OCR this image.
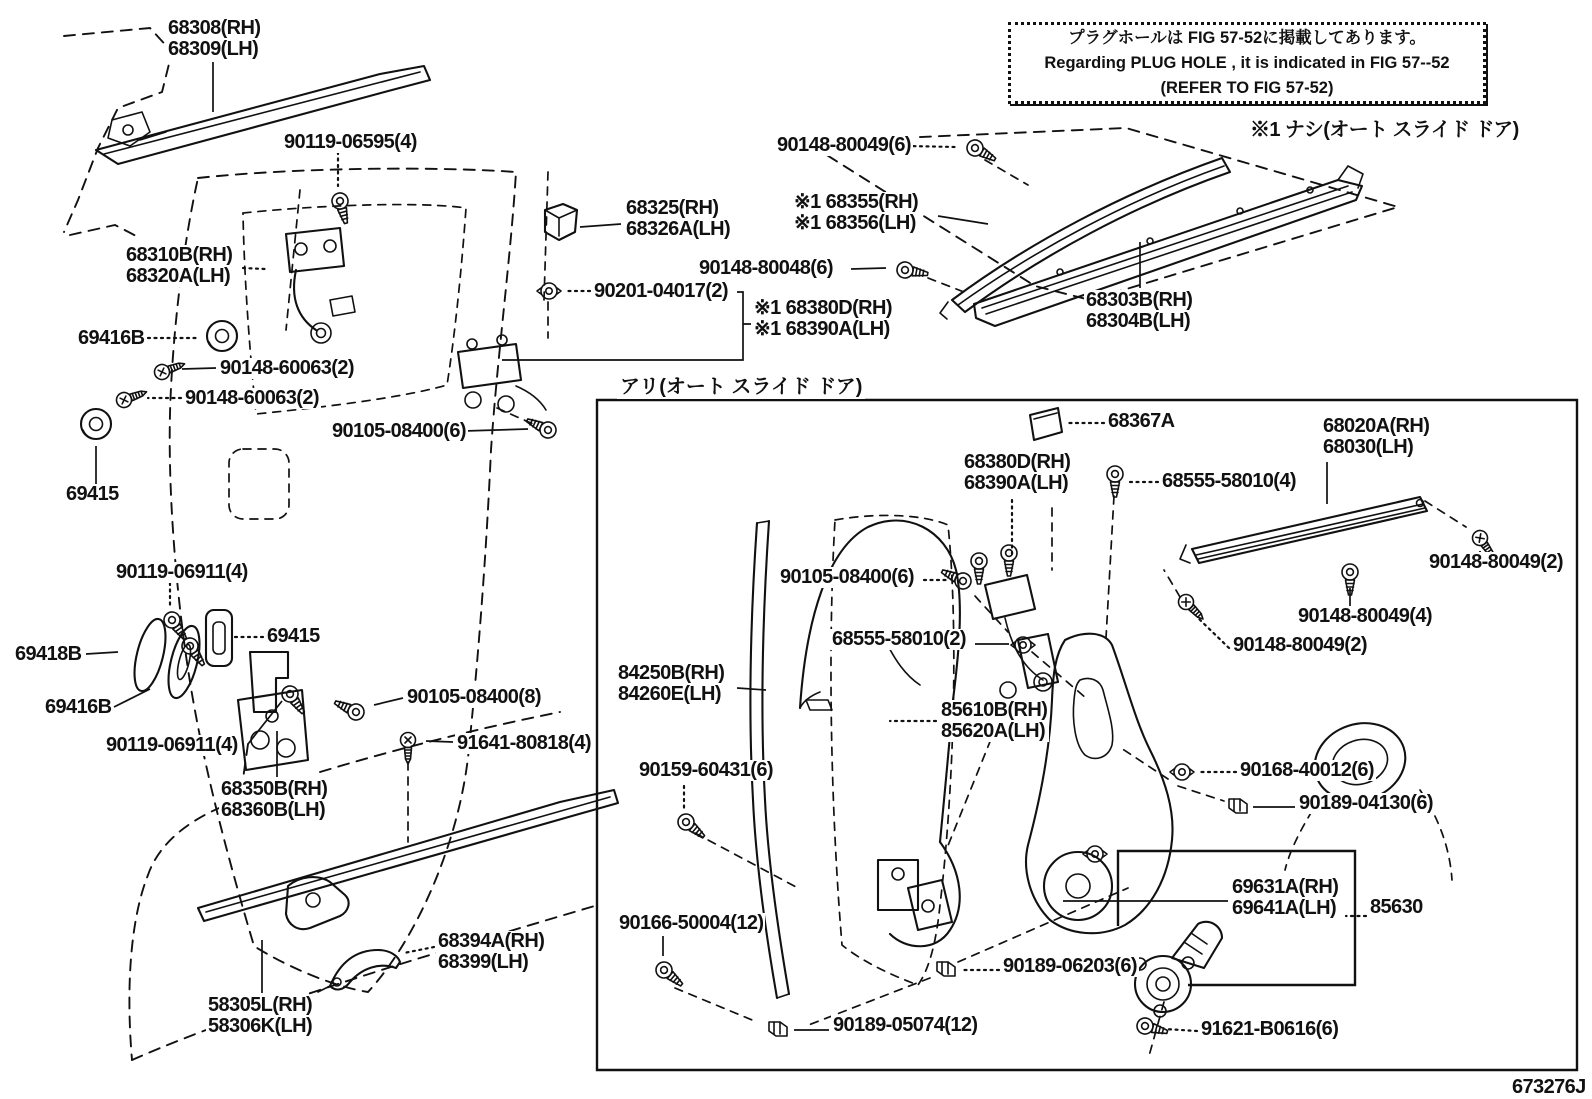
プラグホールは FIG 57-52に掲載してあります。
Regarding PLUG HOLE , it is indicated in FIG 57--52
(REFER TO FIG 57-52)
アリ(オート スライド ドア)
68308(RH)
68309(LH)
90119-06595(4)
68325(RH)
68326A(LH)
68310B(RH)
68320A(LH)
69416B
90148-60063(2)
90148-60063(2)
90105-08400(6)
69415
90119-06911(4)
69415
69418B
69416B	90105-08400(8)
90119-06911(4)	91641-80818(4)
68350B(RH)
68360B(LH)
68394A(RH)
68399(LH)
58305L(RH)
58306K(LH)
※1 ナシ(オート スライド ドア)
90148-80049(6)
※1 68355(RH)
※1 68356(LH)
90148-80048(6)
68303B(RH)
68304B(LH)
90201-04017(2)
※1 68380D(RH)
※1 68390A(LH)
68367A	68020A(RH)
68030(LH)
68380D(RH)
68390A(LH)	68555-58010(4)
90148-80049(2)
90105-08400(6)
90148-80049(4)
68555-58010(2)	90148-80049(2)
84250B(RH)
84260E(LH)
85610B(RH)
85620A(LH)
90159-60431(6)	90168-40012(6)
90189-04130(6)
69631A(RH)
69641A(LH) 85630
90166-50004(12)
90189-06203(6)
90189-05074(12)	91621-B0616(6)
673276J
